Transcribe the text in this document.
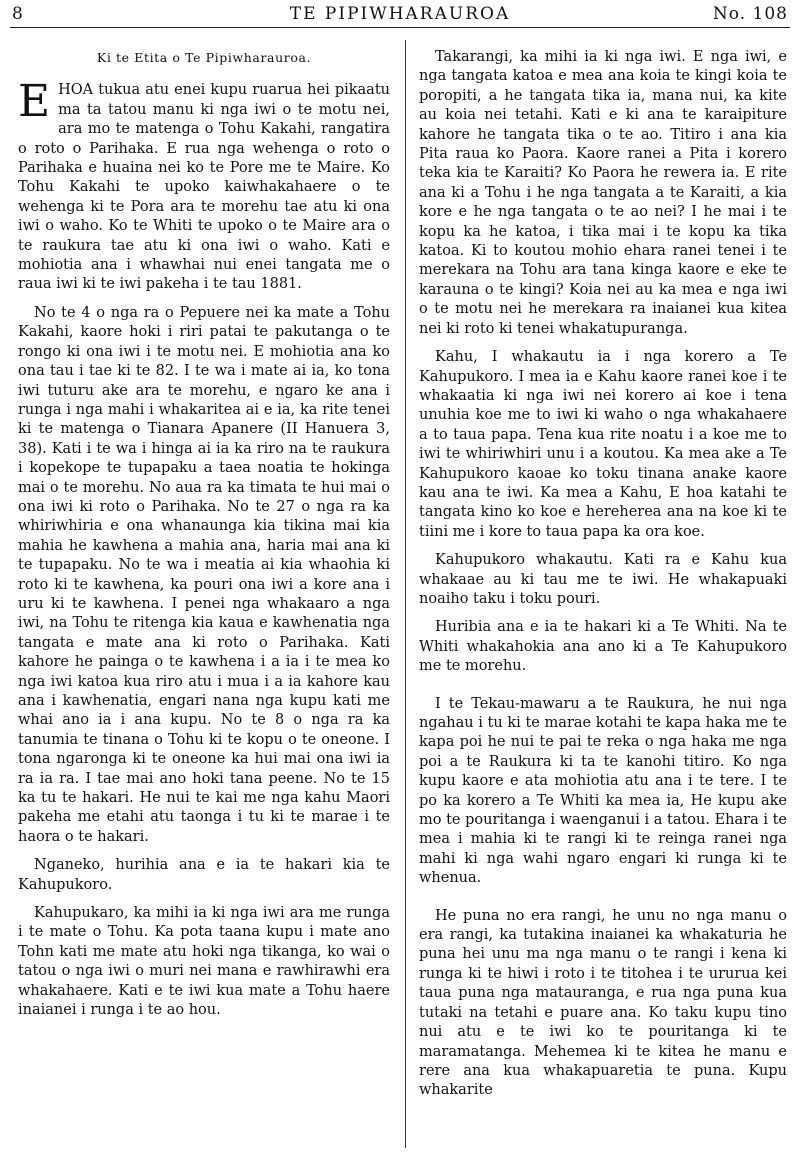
8	TE PIPIWHARAUROA	No. 108
Ki te Etita o Te Pipiwharauroa.

EHOA tukua atu enei kupu ruarua hei pikaatu ma ta tatou manu ki nga iwi o te motu nei, ara mo te matenga o Tohu Kakahi, rangatira o roto o Parihaka. E rua nga wehenga o roto o Parihaka e huaina nei ko te Pore me te Maire. Ko Tohu Kakahi te upoko kaiwhakahaere o te wehenga ki te Pora ara te morehu tae atu ki ona iwi o waho. Ko te Whiti te upoko o te Maire ara o te raukura tae atu ki ona iwi o waho. Kati e mohiotia ana i whawhai nui enei tangata me o raua iwi ki te iwi pakeha i te tau 1881.

No te 4 o nga ra o Pepuere nei ka mate a Tohu Kakahi, kaore hoki i riri patai te pakutanga o te rongo ki ona iwi i te motu nei. E mohiotia ana ko ona tau i tae ki te 82. I te wa i mate ai ia, ko tona iwi tuturu ake ara te morehu, e ngaro ke ana i runga i nga mahi i whakaritea ai e ia, ka rite tenei ki te matenga o Tianara Apanere (II Hanuera 3, 38). Kati i te wa i hinga ai ia ka riro na te raukura i kopekope te tupapaku a taea noatia te hokinga mai o te morehu. No aua ra ka timata te hui mai o ona iwi ki roto o Parihaka. No te 27 o nga ra ka whiriwhiria e ona whanaunga kia tikina mai kia mahia he kawhena a mahia ana, haria mai ana ki te tupapaku. No te wa i meatia ai kia whaohia ki roto ki te kawhena, ka pouri ona iwi a kore ana i uru ki te kawhena. I penei nga whakaaro a nga iwi, na Tohu te ritenga kia kaua e kawhenatia nga tangata e mate ana ki roto o Parihaka. Kati kahore he painga o te kawhena i a ia i te mea ko nga iwi katoa kua riro atu i mua i a ia kahore kau ana i kawhenatia, engari nana nga kupu kati me whai ano ia i ana kupu. No te 8 o nga ra ka tanumia te tinana o Tohu ki te kopu o te oneone. I tona ngaronga ki te oneone ka hui mai ona iwi ia ra ia ra. I tae mai ano hoki tana peene. No te 15 ka tu te hakari. He nui te kai me nga kahu Maori pakeha me etahi atu taonga i tu ki te marae i te haora o te hakari.

Nganeko, hurihia ana e ia te hakari kia te Kahupukoro.

Kahupukaro, ka mihi ia ki nga iwi ara me runga i te mate o Tohu. Ka pota taana kupu i mate ano Tohn kati me mate atu hoki nga tikanga, ko wai o tatou o nga iwi o muri nei mana e rawhirawhi era whakahaere. Kati e te iwi kua mate a Tohu haere inaianei i runga i te ao hou.

Takarangi, ka mihi ia ki nga iwi. E nga iwi, e nga tangata katoa e mea ana koia te kingi koia te poropiti, a he tangata tika ia, mana nui, ka kite au koia nei tetahi. Kati e ki ana te karaipiture kahore he tangata tika o te ao. Titiro i ana kia Pita raua ko Paora. Kaore ranei a Pita i korero teka kia te Karaiti? Ko Paora he rewera ia. E rite ana ki a Tohu i he nga tangata a te Karaiti, a kia kore e he nga tangata o te ao nei? I he mai i te kopu ka he katoa, i tika mai i te kopu ka tika katoa. Ki to koutou mohio ehara ranei tenei i te merekara na Tohu ara tana kinga kaore e eke te karauna o te kingi? Koia nei au ka mea e nga iwi o te motu nei he merekara ra inaianei kua kitea nei ki roto ki tenei whakatupuranga.

Kahu, I whakautu ia i nga korero a Te Kahupukoro. I mea ia e Kahu kaore ranei koe i te whakaatia ki nga iwi nei korero ai koe i tena unuhia koe me to iwi ki waho o nga whakahaere a to taua papa. Tena kua rite noatu i a koe me to iwi te whiriwhiri unu i a koutou. Ka mea ake a Te Kahupukoro kaoae ko toku tinana anake kaore kau ana te iwi. Ka mea a Kahu, E hoa katahi te tangata kino ko koe e hereherea ana na koe ki te tiini me i kore to taua papa ka ora koe.

Kahupukoro whakautu. Kati ra e Kahu kua whakaae au ki tau me te iwi. He whakapuaki noaiho taku i toku pouri.

Huribia ana e ia te hakari ki a Te Whiti. Na te Whiti whakahokia ana ano ki a Te Kahupukoro me te morehu.

I te Tekau-mawaru a te Raukura, he nui nga ngahau i tu ki te marae kotahi te kapa haka me te kapa poi he nui te pai te reka o nga haka me nga poi a te Raukura ki ta te kanohi titiro. Ko nga kupu kaore e ata mohiotia atu ana i te tere. I te po ka korero a Te Whiti ka mea ia, He kupu ake mo te pouritanga i waenganui i a tatou. Ehara i te mea i mahia ki te rangi ki te reinga ranei nga mahi ki nga wahi ngaro engari ki runga ki te whenua.

He puna no era rangi, he unu no nga manu o era rangi, ka tutakina inaianei ka whakaturia he puna hei unu ma nga manu o te rangi i kena ki runga ki te hiwi i roto i te titohea i te ururua kei taua puna nga matauranga, e rua nga puna kua tutaki na tetahi e puare ana. Ko taku kupu tino nui atu e te iwi ko te pouritanga ki te maramatanga. Mehemea ki te kitea he manu e rere ana kua whakapuaretia te puna. Kupu whakarite
